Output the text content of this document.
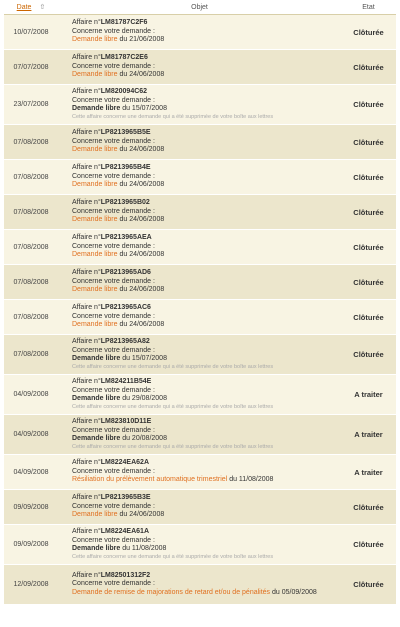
Date ⇧	Objet	Etat
10/07/2008	Affaire n°LM81787C2F6
Concerne votre demande :
Demande libre du 21/06/2008	Clôturée
07/07/2008	Affaire n°LM81787C2E6
Concerne votre demande :
Demande libre du 24/06/2008	Clôturée
23/07/2008	Affaire n°LM820094C62
Concerne votre demande :
Demande libre du 15/07/2008
Cette affaire concerne une demande qui a été supprimée de votre boîte aux lettres	Clôturée
07/08/2008	Affaire n°LP8213965B5E
Concerne votre demande :
Demande libre du 24/06/2008	Clôturée
07/08/2008	Affaire n°LP8213965B4E
Concerne votre demande :
Demande libre du 24/06/2008	Clôturée
07/08/2008	Affaire n°LP8213965B02
Concerne votre demande :
Demande libre du 24/06/2008	Clôturée
07/08/2008	Affaire n°LP8213965AEA
Concerne votre demande :
Demande libre du 24/06/2008	Clôturée
07/08/2008	Affaire n°LP8213965AD6
Concerne votre demande :
Demande libre du 24/06/2008	Clôturée
07/08/2008	Affaire n°LP8213965AC6
Concerne votre demande :
Demande libre du 24/06/2008	Clôturée
07/08/2008	Affaire n°LP8213965A82
Concerne votre demande :
Demande libre du 15/07/2008
Cette affaire concerne une demande qui a été supprimée de votre boîte aux lettres	Clôturée
04/09/2008	Affaire n°LM824211B54E
Concerne votre demande :
Demande libre du 29/08/2008
Cette affaire concerne une demande qui a été supprimée de votre boîte aux lettres	A traiter
04/09/2008	Affaire n°LM823810D11E
Concerne votre demande :
Demande libre du 20/08/2008
Cette affaire concerne une demande qui a été supprimée de votre boîte aux lettres	A traiter
04/09/2008	Affaire n°LM8224EA62A
Concerne votre demande :
Résiliation du prélèvement automatique trimestriel du 11/08/2008	A traiter
09/09/2008	Affaire n°LP8213965B3E
Concerne votre demande :
Demande libre du 24/06/2008	Clôturée
09/09/2008	Affaire n°LM8224EA61A
Concerne votre demande :
Demande libre du 11/08/2008
Cette affaire concerne une demande qui a été supprimée de votre boîte aux lettres	Clôturée
12/09/2008	Affaire n°LM82501312F2
Concerne votre demande :
Demande de remise de majorations de retard et/ou de pénalités du 05/09/2008	Clôturée
